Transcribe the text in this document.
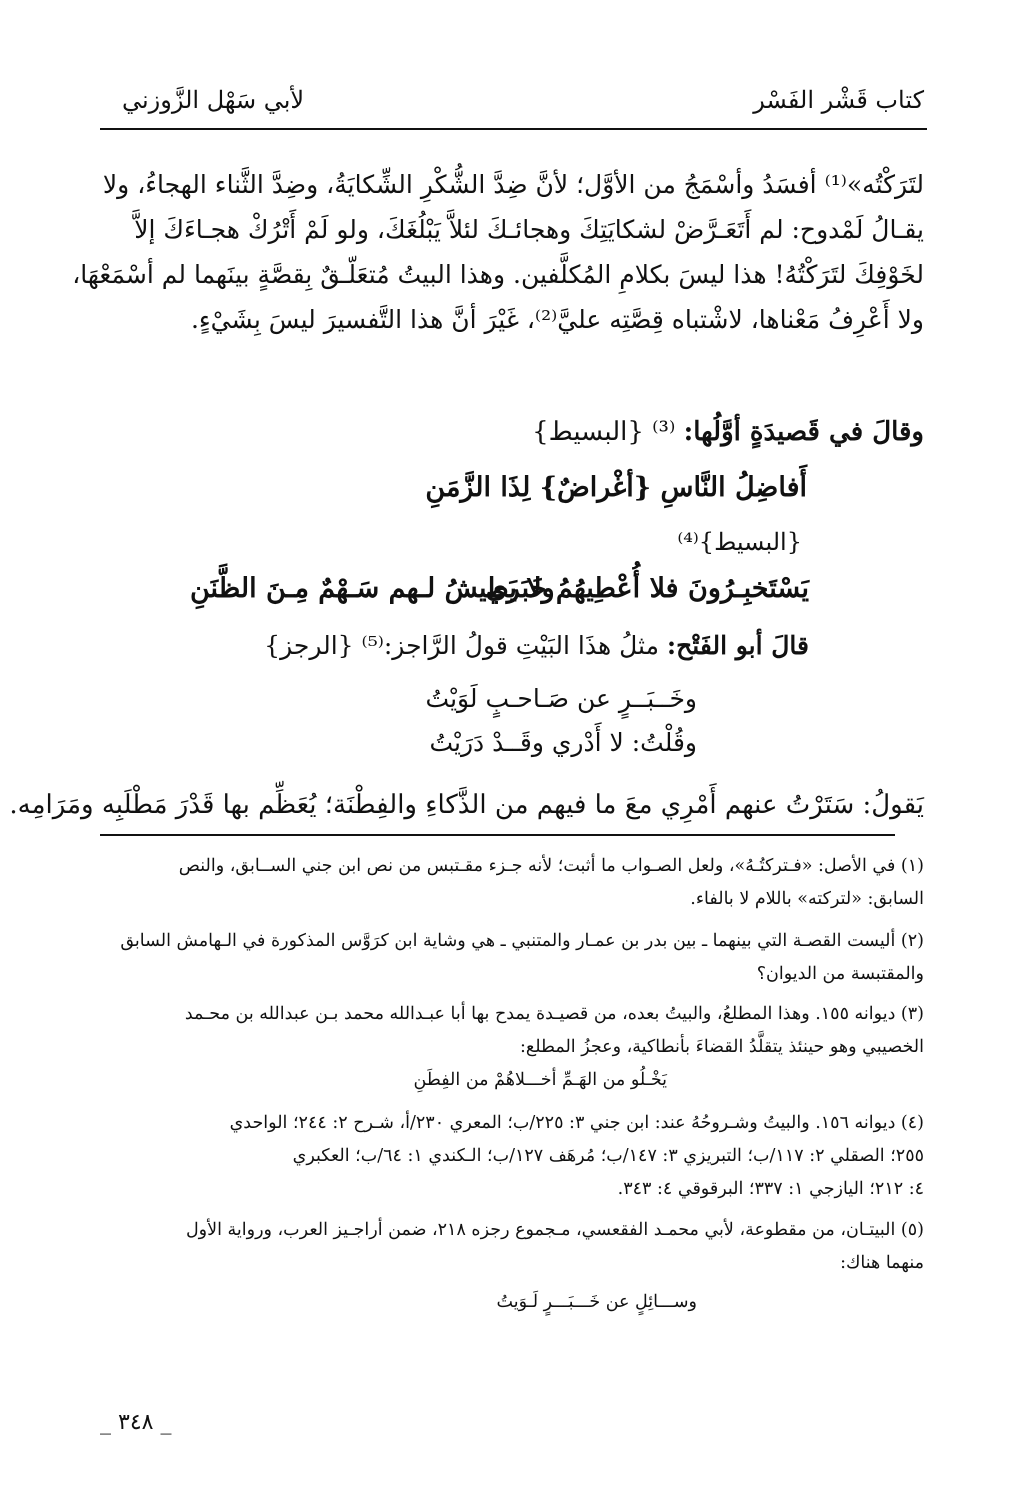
كتاب قَشْر الفَسْر
لأبي سَهْل الزَّوزني
لتَرَكْتُه»⁽¹⁾ أفسَدُ وأسْمَجُ من الأوَّل؛ لأنَّ ضِدَّ الشُّكْرِ الشِّكايَةُ، وضِدَّ الثَّناء الهجاءُ، ولا
يقـالُ لَمْدوح: لم أَتَعَـرَّضْ لشكايَتِكَ وهجائـكَ لئلاَّ يَبْلُغَكَ، ولو لَمْ أَتْرُكْ هجـاءَكَ إلاَّ
لخَوْفِكَ لتَرَكْتُهُ! هذا ليسَ بكلامِ المُكلَّفين. وهذا البيتُ مُتعَلّـقٌ بِقصَّةٍ بينَهما لم أسْمَعْهَا،
ولا أَعْرِفُ مَعْناها، لاشْتباه قِصَّتِه عليَّ⁽²⁾، غَيْرَ أنَّ هذا التَّفسيرَ ليسَ بِشَيْءٍ.
وقالَ في قَصيدَةٍ أوَّلُها: ⁽³⁾ {البسيط}
أَفاضِلُ النَّاسِ {أغْراضٌ} لِذَا الزَّمَنِ
{البسيط}⁽⁴⁾
يَسْتَخبِـرُونَ فلا أُعْطِيهُمُ خَبَري
ولا يَطيشُ لـهم سَـهْمٌ مِـنَ الظَّنَنِ
قالَ أبو الفَتْح: مثلُ هذَا البَيْتِ قولُ الرَّاجز:⁽⁵⁾ {الرجز}
وخَــبَــرٍ عن صَـاحـبٍ لَوَيْتُ
وقُلْتُ: لا أَدْري وقَــدْ دَرَيْتُ
يَقولُ: سَتَرْتُ عنهم أَمْرِي معَ ما فيهم من الذَّكاءِ والفِطْنَة؛ يُعَظِّم بها قَدْرَ مَطْلَبِه ومَرَامِه.
(١) في الأصل: «فـتركتُـهُ»، ولعل الصـواب ما أثبت؛ لأنه جـزء مقـتبس من نص ابن جني الســابق، والنص
السابق: «لتركته» باللام لا بالفاء.
(٢) أليست القصـة التي بينهما ـ بين بدر بن عمـار والمتنبي ـ هي وشاية ابن كرَوَّس المذكورة في الـهامش السابق
والمقتبسة من الديوان؟
(٣) ديوانه ١٥٥. وهذا المطلعُ، والبيتُ بعده، من قصيـدة يمدح بها أبا عبـدالله محمد بـن عبدالله بن محـمد
الخصيبي وهو حينئذ يتقلَّدُ القضاءَ بأنطاكية، وعجزُ المطلع:
يَخْـلُو من الهَـمِّ أخـــلاهُمْ من الفِطَنِ
(٤) ديوانه ١٥٦. والبيتُ وشـروحُهُ عند: ابن جني ٣: ٢٢٥/ب؛ المعري ٢٣٠/أ، شـرح ٢: ٢٤٤؛ الواحدي
٢٥٥؛ الصقلي ٢: ١١٧/ب؛ التبريزي ٣: ١٤٧/ب؛ مُرهَف ١٢٧/ب؛ الـكندي ١: ٦٤/ب؛ العكبري
٤: ٢١٢؛ اليازجي ١: ٣٣٧؛ البرقوقي ٤: ٣٤٣.
(٥) البيتـان، من مقطوعة، لأبي محمـد الفقعسي، مـجموع رجزه ٢١٨، ضمن أراجـيز العرب، ورواية الأول
منهما هناك:
وســـائِلٍ عن خَـــبَـــرٍ لَـوَيتُ
_ ٣٤٨ _
